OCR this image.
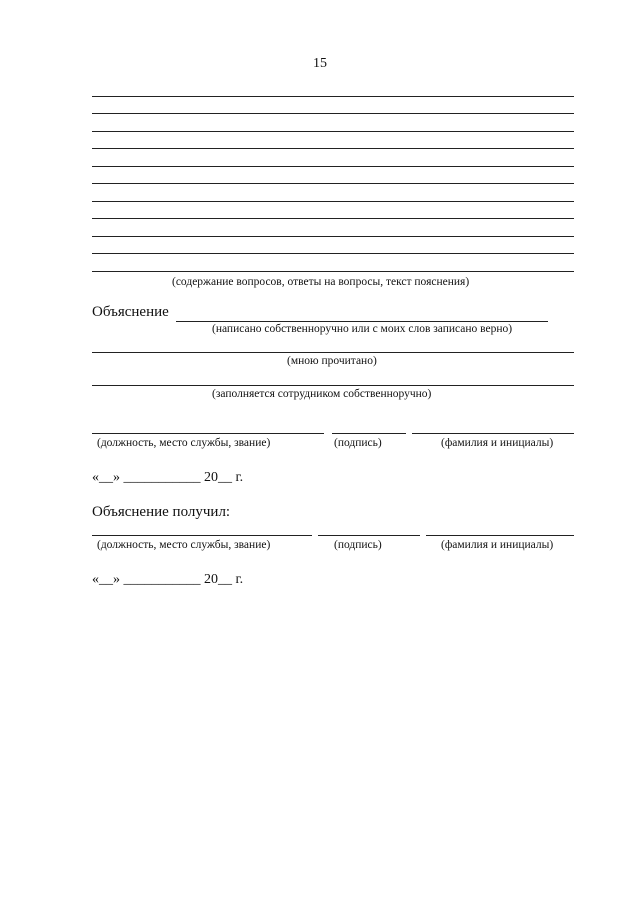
15
(содержание вопросов, ответы на вопросы, текст пояснения)
Объяснение
(написано собственноручно или с моих слов записано верно)
(мною прочитано)
(заполняется сотрудником собственноручно)
(должность, место службы, звание)	(подпись)	(фамилия и инициалы)
«__» ___________ 20__ г.
Объяснение получил:
(должность, место службы, звание)	(подпись)	(фамилия и инициалы)
«__» ___________ 20__ г.
